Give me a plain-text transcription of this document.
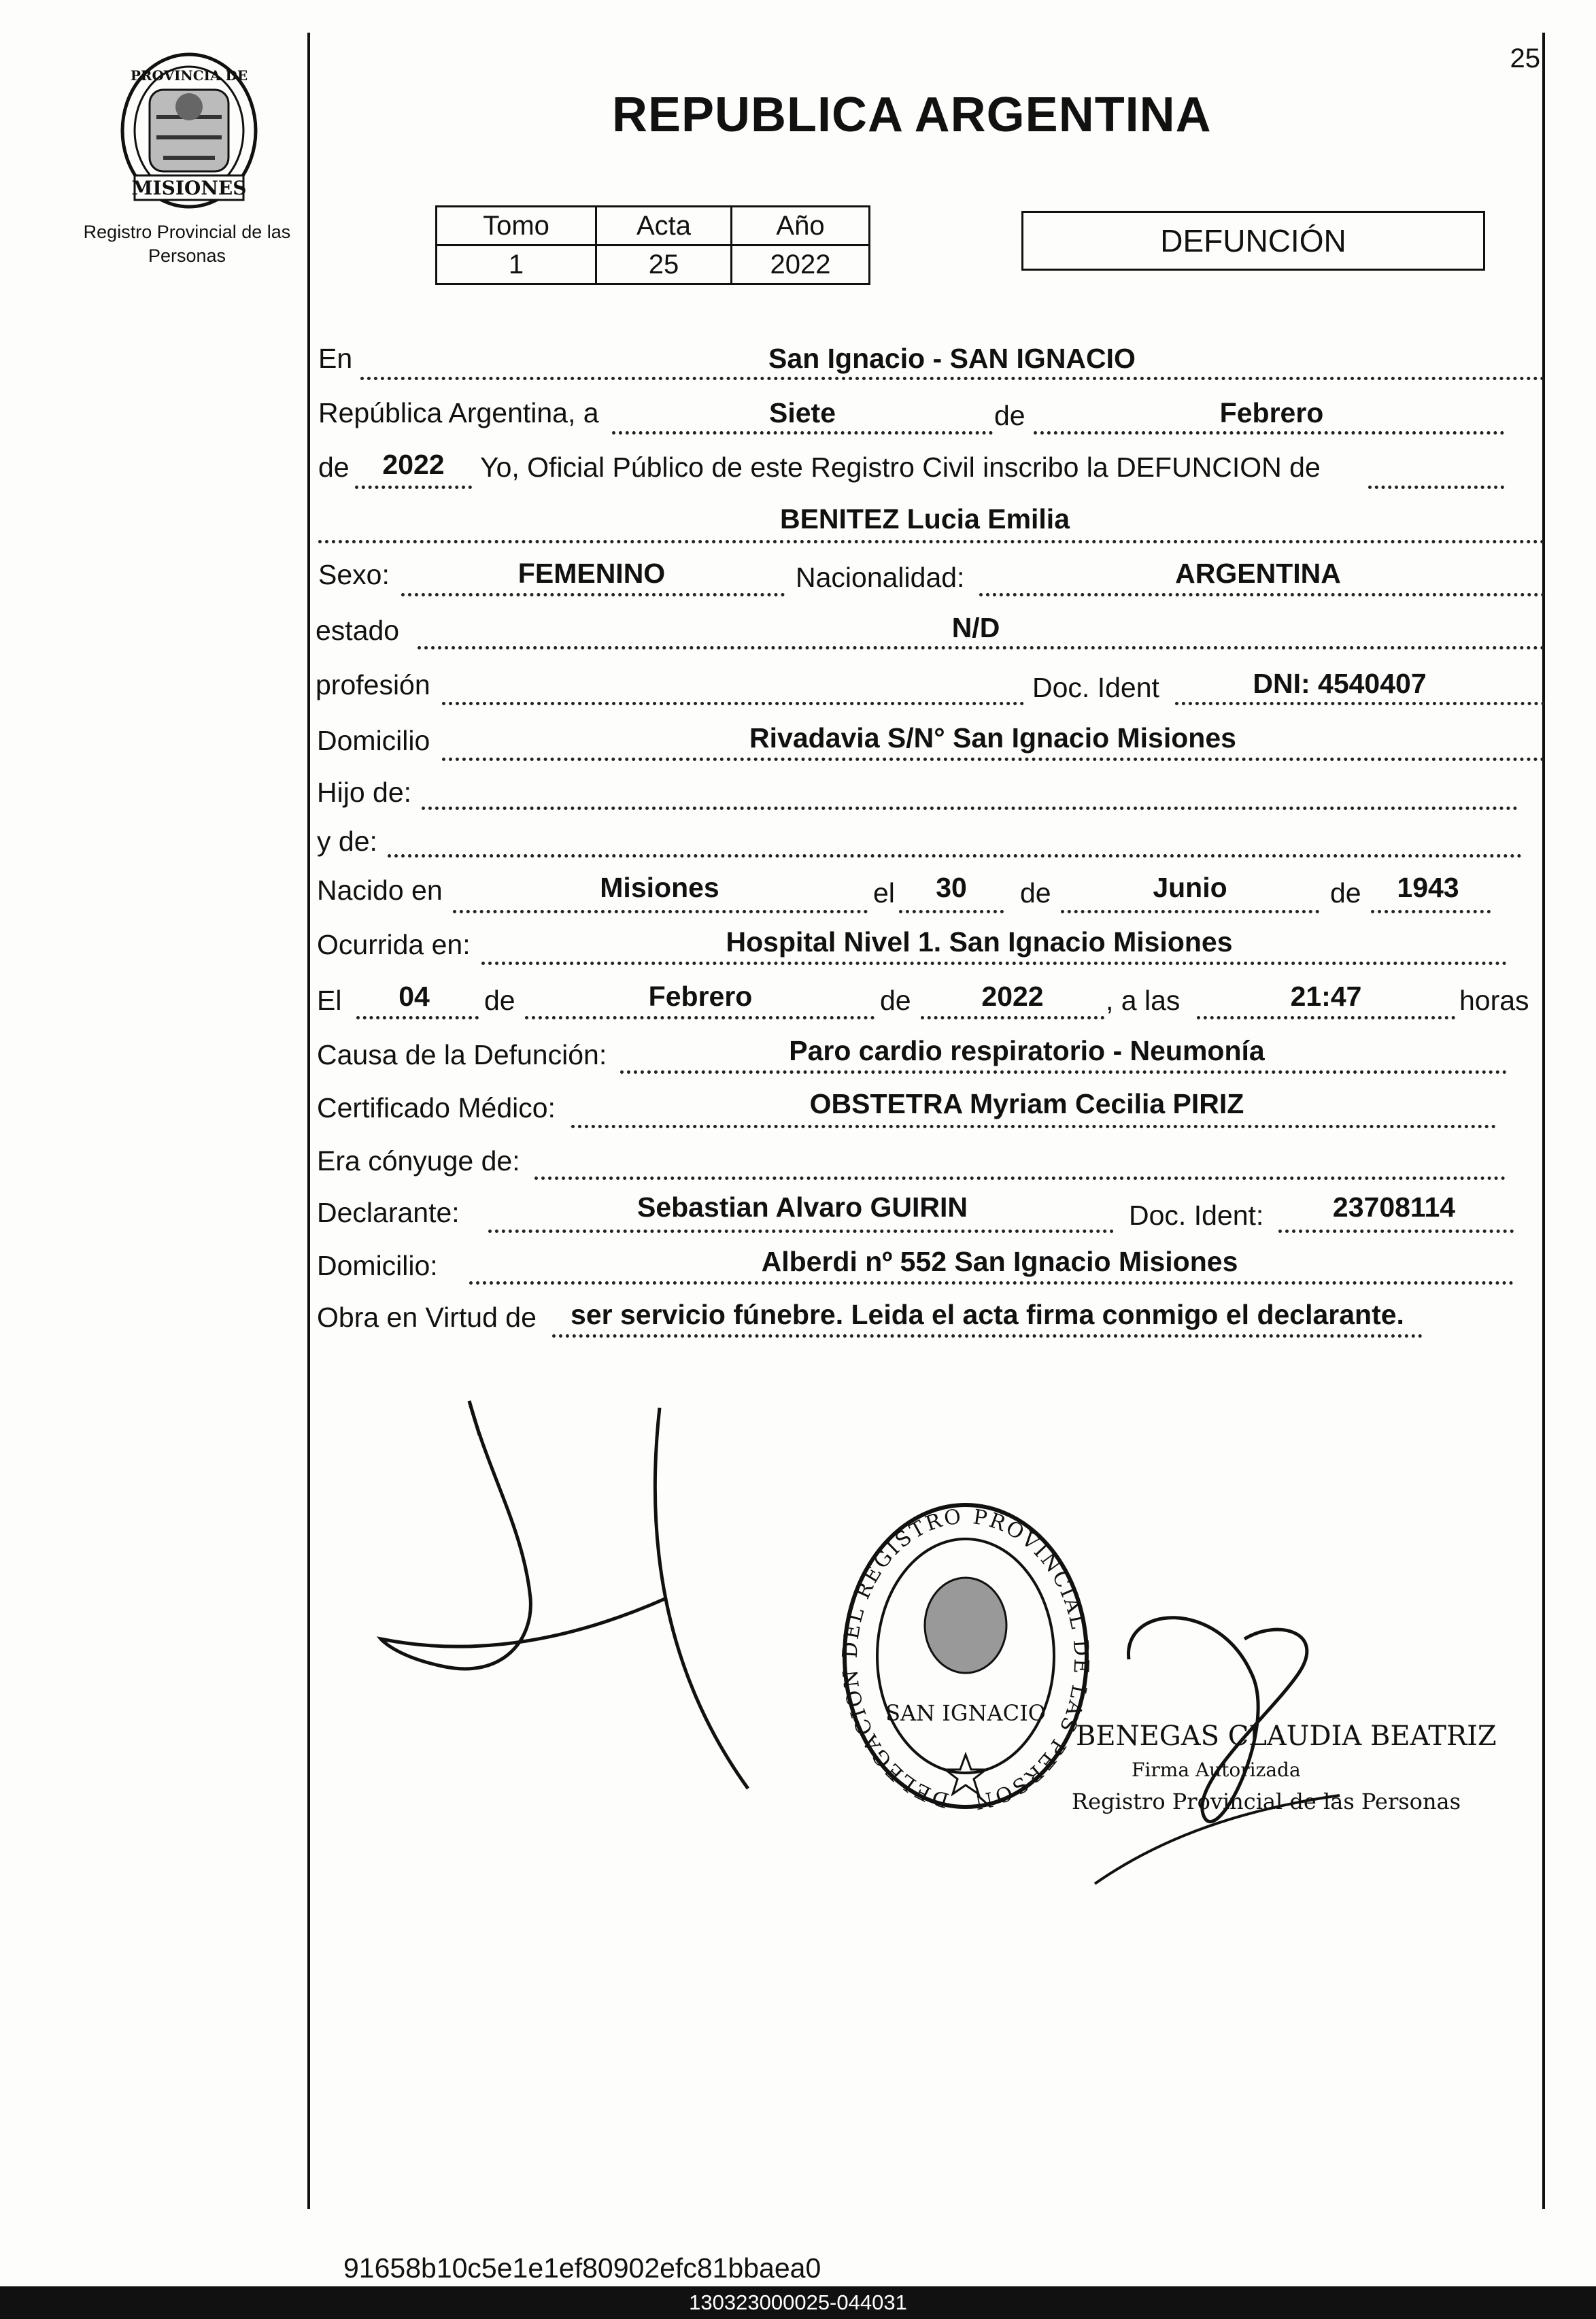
PROVINCIA DE
MISIONES
Registro Provincial de las Personas
25
REPUBLICA ARGENTINA
Tomo	Acta	Año
1	25	2022
DEFUNCIÓN
En	San Ignacio - SAN IGNACIO
República Argentina, a	Siete	de	Febrero
de	2022	Yo, Oficial Público de este Registro Civil inscribo la DEFUNCION de
BENITEZ Lucia Emilia
Sexo:	FEMENINO	Nacionalidad:	ARGENTINA
estado	N/D
profesión	Doc. Ident	DNI: 4540407
Domicilio	Rivadavia S/N° San Ignacio Misiones
Hijo de:
y de:
Nacido en	Misiones	el	30	de	Junio	de	1943
Ocurrida en:	Hospital Nivel 1. San Ignacio Misiones
El	04	de	Febrero	de	2022	, a las	21:47	horas
Causa de la Defunción:	Paro cardio respiratorio - Neumonía
Certificado Médico:	OBSTETRA Myriam Cecilia PIRIZ
Era cónyuge de:
Declarante:	Sebastian Alvaro GUIRIN	Doc. Ident:	23708114
Domicilio:	Alberdi nº 552 San Ignacio Misiones
Obra en Virtud de	ser servicio fúnebre. Leida el acta firma conmigo el declarante.
DELEGACION DEL REGISTRO PROVINCIAL DE LAS PERSONAS
SAN IGNACIO
BENEGAS CLAUDIA BEATRIZ
Firma Autorizada
Registro Provincial de las Personas
91658b10c5e1e1ef80902efc81bbaea0
130323000025-044031
